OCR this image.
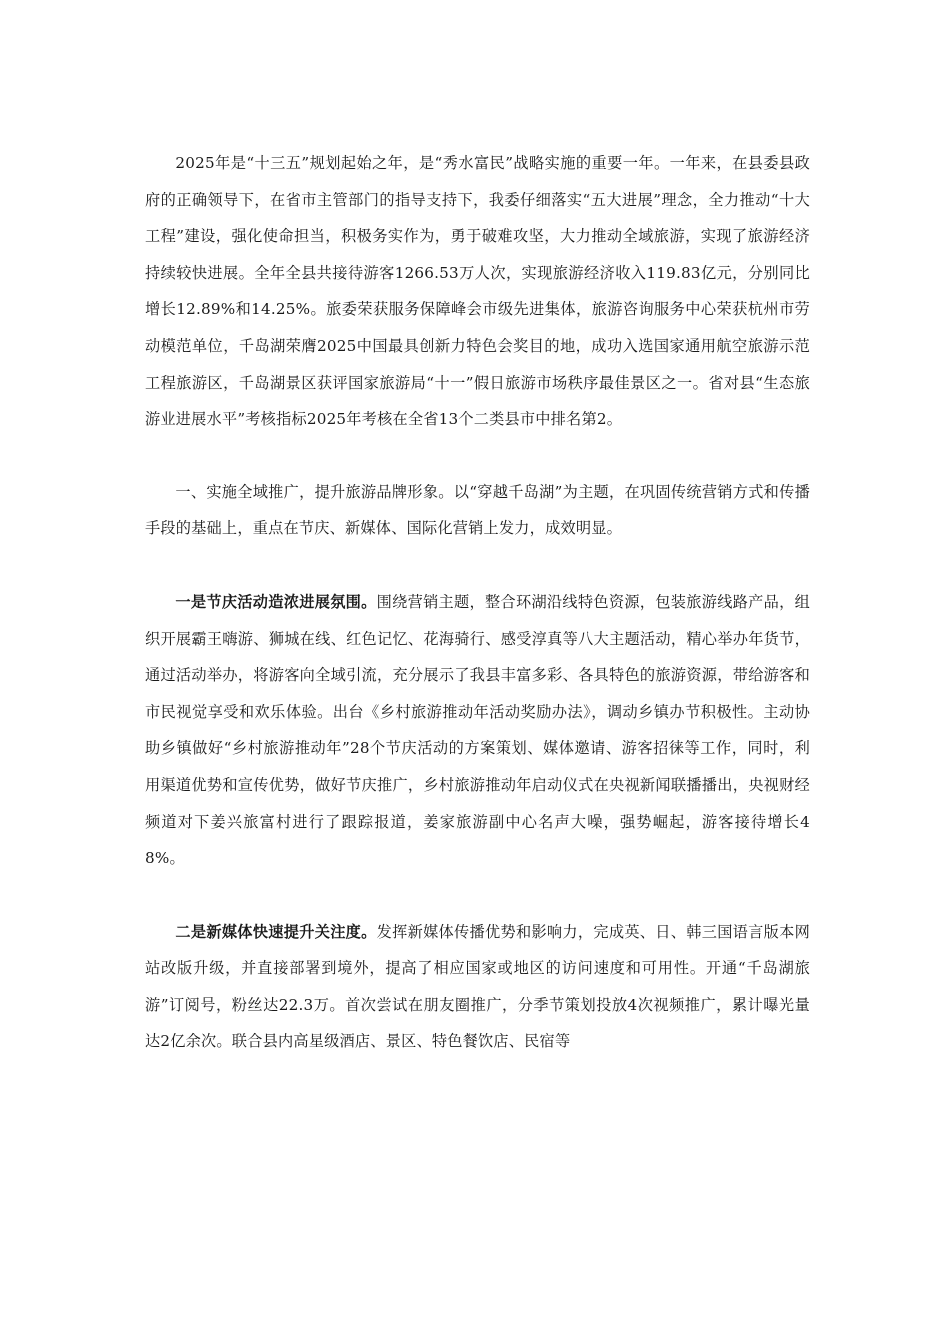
2025年是“十三五”规划起始之年，是“秀水富民”战略实施的重要一年。一年来，在县委县政府的正确领导下，在省市主管部门的指导支持下，我委仔细落实“五大进展”理念，全力推动“十大工程”建设，强化使命担当，积极务实作为，勇于破难攻坚，大力推动全域旅游，实现了旅游经济持续较快进展。全年全县共接待游客1266.53万人次，实现旅游经济收入119.83亿元，分别同比增长12.89%和14.25%。旅委荣获服务保障峰会市级先进集体，旅游咨询服务中心荣获杭州市劳动模范单位，千岛湖荣膺2025中国最具创新力特色会奖目的地，成功入选国家通用航空旅游示范工程旅游区，千岛湖景区获评国家旅游局“十一”假日旅游市场秩序最佳景区之一。省对县“生态旅游业进展水平”考核指标2025年考核在全省13个二类县市中排名第2。

一、实施全域推广，提升旅游品牌形象。以“穿越千岛湖”为主题，在巩固传统营销方式和传播手段的基础上，重点在节庆、新媒体、国际化营销上发力，成效明显。

一是节庆活动造浓进展氛围。围绕营销主题，整合环湖沿线特色资源，包装旅游线路产品，组织开展霸王嗨游、狮城在线、红色记忆、花海骑行、感受淳真等八大主题活动，精心举办年货节，通过活动举办，将游客向全域引流，充分展示了我县丰富多彩、各具特色的旅游资源，带给游客和市民视觉享受和欢乐体验。出台《乡村旅游推动年活动奖励办法》，调动乡镇办节积极性。主动协助乡镇做好“乡村旅游推动年”28个节庆活动的方案策划、媒体邀请、游客招徕等工作，同时，利用渠道优势和宣传优势，做好节庆推广，乡村旅游推动年启动仪式在央视新闻联播播出，央视财经频道对下姜兴旅富村进行了跟踪报道，姜家旅游副中心名声大噪，强势崛起，游客接待增长48%。

二是新媒体快速提升关注度。发挥新媒体传播优势和影响力，完成英、日、韩三国语言版本网站改版升级，并直接部署到境外，提高了相应国家或地区的访问速度和可用性。开通“千岛湖旅游”订阅号，粉丝达22.3万。首次尝试在朋友圈推广，分季节策划投放4次视频推广，累计曝光量达2亿余次。联合县内高星级酒店、景区、特色餐饮店、民宿等
